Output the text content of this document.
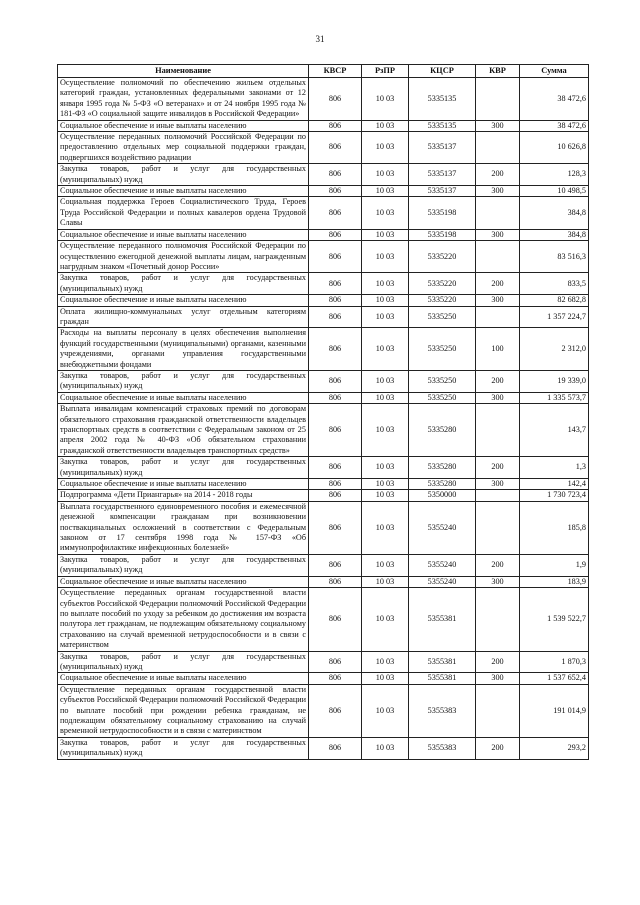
31
Наименование	КВСР	РзПР	КЦСР	КВР	Сумма
Осуществление полномочий по обеспечению жильем отдельных категорий граждан, установленных федеральными законами от 12 января 1995 года № 5-ФЗ «О ветеранах» и от 24 ноября 1995 года № 181-ФЗ «О социальной защите инвалидов в Российской Федерации»	806	10 03	5335135		38 472,6
Социальное обеспечение и иные выплаты населению	806	10 03	5335135	300	38 472,6
Осуществление переданных полномочий Российской Федерации по предоставлению отдельных мер социальной поддержки граждан, подвергшихся воздействию радиации	806	10 03	5335137		10 626,8
Закупка товаров, работ и услуг для государственных (муниципальных) нужд	806	10 03	5335137	200	128,3
Социальное обеспечение и иные выплаты населению	806	10 03	5335137	300	10 498,5
Социальная поддержка Героев Социалистического Труда, Героев Труда Российской Федерации и полных кавалеров ордена Трудовой Славы	806	10 03	5335198		384,8
Социальное обеспечение и иные выплаты населению	806	10 03	5335198	300	384,8
Осуществление переданного полномочия Российской Федерации по осуществлению ежегодной денежной выплаты лицам, награжденным нагрудным знаком «Почетный донор России»	806	10 03	5335220		83 516,3
Закупка товаров, работ и услуг для государственных (муниципальных) нужд	806	10 03	5335220	200	833,5
Социальное обеспечение и иные выплаты населению	806	10 03	5335220	300	82 682,8
Оплата жилищно-коммунальных услуг отдельным категориям граждан	806	10 03	5335250		1 357 224,7
Расходы на выплаты персоналу в целях обеспечения выполнения функций государственными (муниципальными) органами, казенными учреждениями, органами управления государственными внебюджетными фондами	806	10 03	5335250	100	2 312,0
Закупка товаров, работ и услуг для государственных (муниципальных) нужд	806	10 03	5335250	200	19 339,0
Социальное обеспечение и иные выплаты населению	806	10 03	5335250	300	1 335 573,7
Выплата инвалидам компенсаций страховых премий по договорам обязательного страхования гражданской ответственности владельцев транспортных средств в соответствии с Федеральным законом от 25 апреля 2002 года № 40-ФЗ «Об обязательном страховании гражданской ответственности владельцев транспортных средств»	806	10 03	5335280		143,7
Закупка товаров, работ и услуг для государственных (муниципальных) нужд	806	10 03	5335280	200	1,3
Социальное обеспечение и иные выплаты населению	806	10 03	5335280	300	142,4
Подпрограмма «Дети Приангарья» на 2014 - 2018 годы	806	10 03	5350000		1 730 723,4
Выплата государственного единовременного пособия и ежемесячной денежной компенсации гражданам при возникновении поствакцинальных осложнений в соответствии с Федеральным законом от 17 сентября 1998 года № 157-ФЗ «Об иммунопрофилактике инфекционных болезней»	806	10 03	5355240		185,8
Закупка товаров, работ и услуг для государственных (муниципальных) нужд	806	10 03	5355240	200	1,9
Социальное обеспечение и иные выплаты населению	806	10 03	5355240	300	183,9
Осуществление переданных органам государственной власти субъектов Российской Федерации полномочий Российской Федерации по выплате пособий по уходу за ребенком до достижения им возраста полутора лет гражданам, не подлежащим обязательному социальному страхованию на случай временной нетрудоспособности и в связи с материнством	806	10 03	5355381		1 539 522,7
Закупка товаров, работ и услуг для государственных (муниципальных) нужд	806	10 03	5355381	200	1 870,3
Социальное обеспечение и иные выплаты населению	806	10 03	5355381	300	1 537 652,4
Осуществление переданных органам государственной власти субъектов Российской Федерации полномочий Российской Федерации по выплате пособий при рождении ребенка гражданам, не подлежащим обязательному социальному страхованию на случай временной нетрудоспособности и в связи с материнством	806	10 03	5355383		191 014,9
Закупка товаров, работ и услуг для государственных (муниципальных) нужд	806	10 03	5355383	200	293,2
